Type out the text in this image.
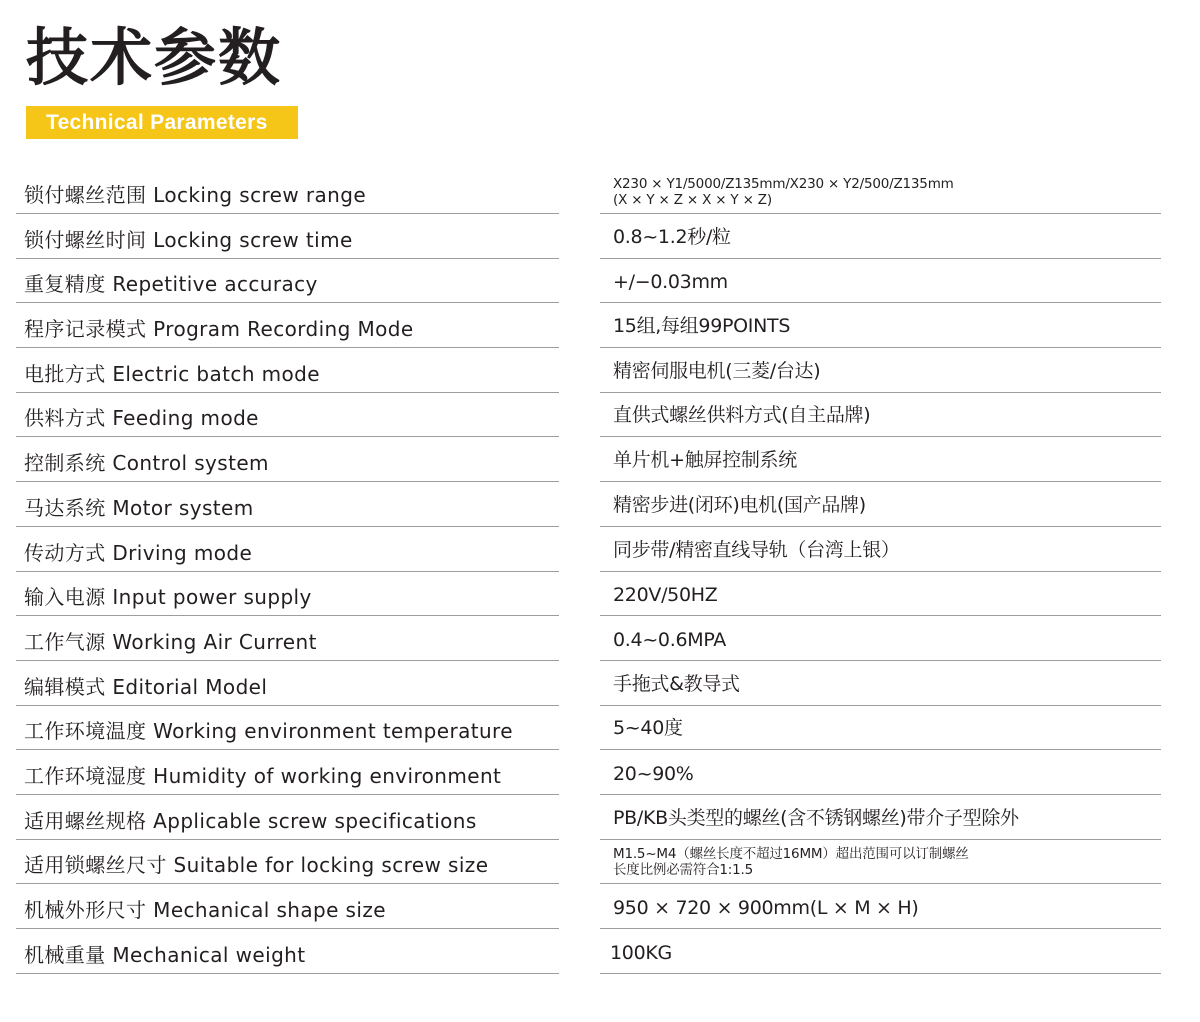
技术参数
Technical Parameters
锁付螺丝范围 Locking screw range	X230 × Y1/5000/Z135mm/X230 × Y2/500/Z135mm
(X × Y × Z × X × Y × Z)
锁付螺丝时间 Locking screw time	0.8~1.2秒/粒
重复精度 Repetitive accuracy	+/−0.03mm
程序记录模式 Program Recording Mode	15组,每组99POINTS
电批方式 Electric batch mode	精密伺服电机(三菱/台达)
供料方式 Feeding mode	直供式螺丝供料方式(自主品牌)
控制系统 Control system	单片机+触屏控制系统
马达系统 Motor system	精密步进(闭环)电机(国产品牌)
传动方式 Driving mode	同步带/精密直线导轨（台湾上银）
输入电源 Input power supply	220V/50HZ
工作气源 Working Air Current	0.4~0.6MPA
编辑模式 Editorial Model	手拖式&教导式
工作环境温度 Working environment temperature	5~40度
工作环境湿度 Humidity of working environment	20~90%
适用螺丝规格 Applicable screw specifications	PB/KB头类型的螺丝(含不锈钢螺丝)带介子型除外
适用锁螺丝尺寸 Suitable for locking screw size	M1.5~M4（螺丝长度不超过16MM）超出范围可以订制螺丝
长度比例必需符合1:1.5
机械外形尺寸 Mechanical shape size	950 × 720 × 900mm(L × M × H)
机械重量 Mechanical weight	100KG
